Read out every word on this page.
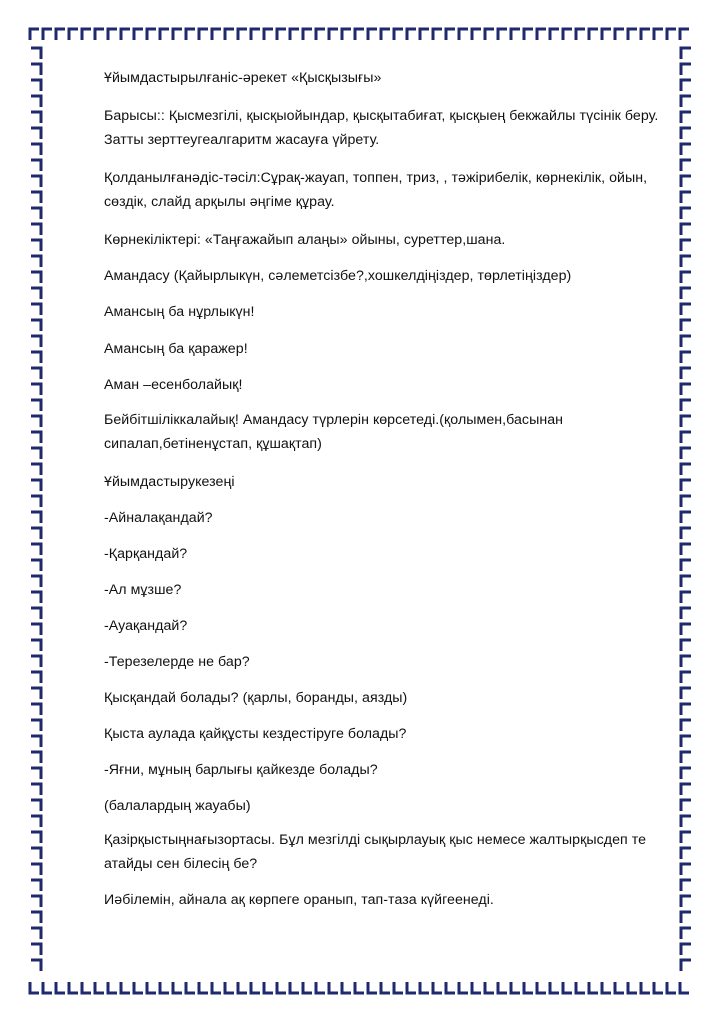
Ұйымдастырылғаніс-әрекет «Қысқызығы»

Барысы:: Қысмезгілі, қысқыойындар, қысқытабиғат, қысқыең бекжайлы түсінік беру. Затты зерттеугеалгаритм жасауға үйрету.

Қолданылғанәдіс-тәсіл:Сұрақ-жауап, топпен, триз, , тәжірибелік, көрнекілік, ойын, сөздік, слайд арқылы әңгіме құрау.

Көрнекіліктері: «Таңғажайып алаңы» ойыны, суреттер,шана.

Амандасу (Қайырлыкүн, сәлеметсізбе?,хошкелдіңіздер, төрлетіңіздер)

Амансың ба нұрлыкүн!

Амансың ба қаражер!

Аман –есенболайық!

Бейбітшіліккалайық! Амандасу түрлерін көрсетеді.(қолымен,басынан сипалап,бетіненұстап, құшақтап)

Ұйымдастырукезеңі

-Айналақандай?

-Қарқандай?

-Ал мұзше?

-Ауақандай?

-Терезелерде не бар?

Қысқандай болады? (қарлы, боранды, аязды)

Қыста аулада қайқұсты кездестіруге болады?

-Яғни, мұның барлығы қайкезде болады?

(балалардың жауабы)

Қазірқыстыңнағызортасы. Бұл мезгілді сықырлауық қыс немесе жалтырқысдеп те атайды сен білесің бе?

Иәбілемін, айнала ақ көрпеге оранып, тап-таза күйгеенеді.
